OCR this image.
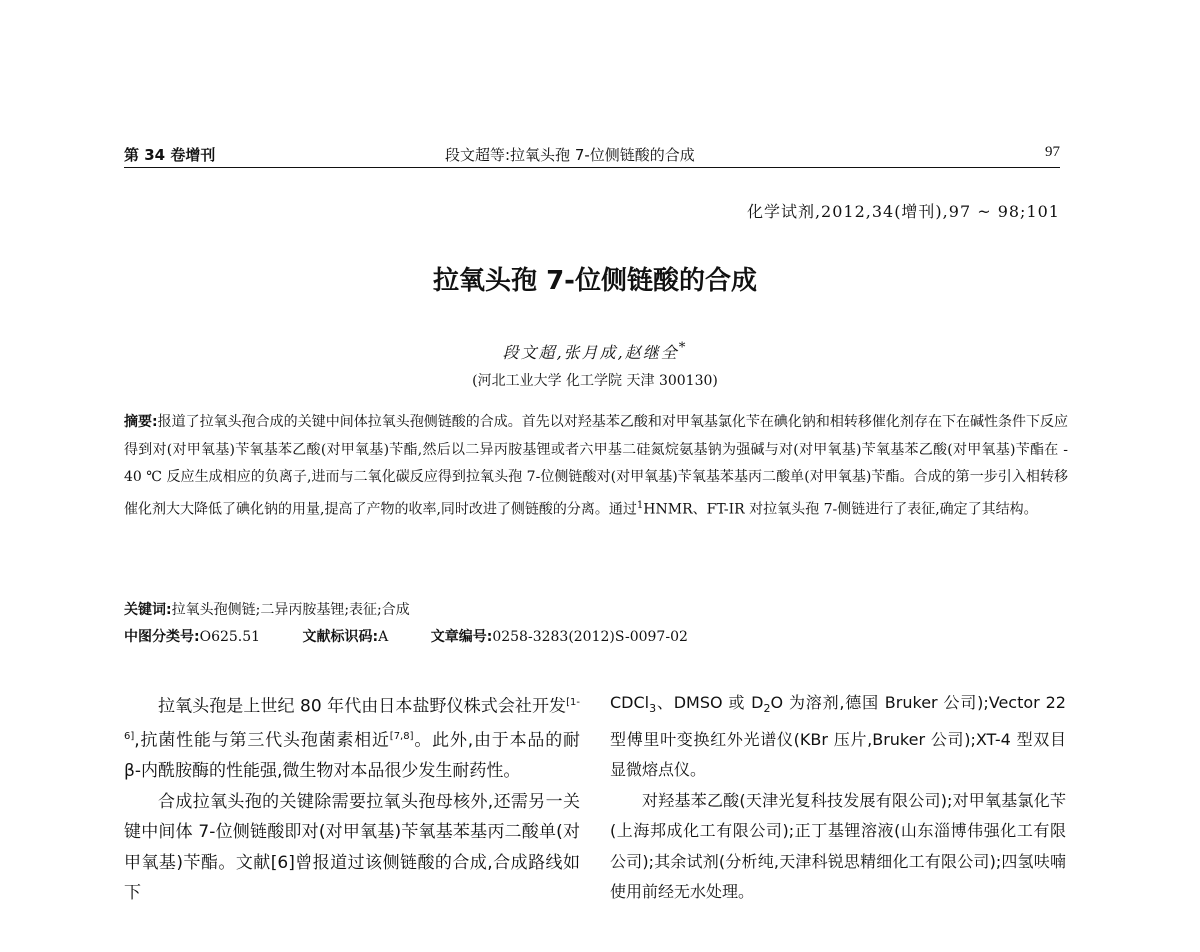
第 34 卷增刊	段文超等:拉氧头孢 7-位侧链酸的合成	97
化学试剂,2012,34(增刊),97 ~ 98;101
拉氧头孢 7-位侧链酸的合成
段文超,张月成,赵继全*
(河北工业大学 化工学院 天津 300130)
摘要:报道了拉氧头孢合成的关键中间体拉氧头孢侧链酸的合成。首先以对羟基苯乙酸和对甲氧基氯化苄在碘化钠和相转移催化剂存在下在碱性条件下反应得到对(对甲氧基)苄氧基苯乙酸(对甲氧基)苄酯,然后以二异丙胺基锂或者六甲基二硅氮烷氨基钠为强碱与对(对甲氧基)苄氧基苯乙酸(对甲氧基)苄酯在 - 40 ℃ 反应生成相应的负离子,进而与二氧化碳反应得到拉氧头孢 7-位侧链酸对(对甲氧基)苄氧基苯基丙二酸单(对甲氧基)苄酯。合成的第一步引入相转移催化剂大大降低了碘化钠的用量,提高了产物的收率,同时改进了侧链酸的分离。通过$^1$HNMR、FT-IR 对拉氧头孢 7-侧链进行了表征,确定了其结构。
关键词:拉氧头孢侧链;二异丙胺基锂;表征;合成
中图分类号:O625.51	文献标识码:A	文章编号:0258-3283(2012)S-0097-02

拉氧头孢是上世纪 80 年代由日本盐野仪株式会社开发[1-6],抗菌性能与第三代头孢菌素相近[7,8]。此外,由于本品的耐 β-内酰胺酶的性能强,微生物对本品很少发生耐药性。

合成拉氧头孢的关键除需要拉氧头孢母核外,还需另一关键中间体 7-位侧链酸即对(对甲氧基)苄氧基苯基丙二酸单(对甲氧基)苄酯。文献[6]曾报道过该侧链酸的合成,合成路线如下

CDCl$_3$、DMSO 或 $D_2O$ 为溶剂,德国 Bruker 公司);Vector 22 型傅里叶变换红外光谱仪(KBr 压片,Bruker 公司);XT-4 型双目显微熔点仪。

对羟基苯乙酸(天津光复科技发展有限公司);对甲氧基氯化苄(上海邦成化工有限公司);正丁基锂溶液(山东淄博伟强化工有限公司);其余试剂(分析纯,天津科锐思精细化工有限公司);四氢呋喃使用前经无水处理。
